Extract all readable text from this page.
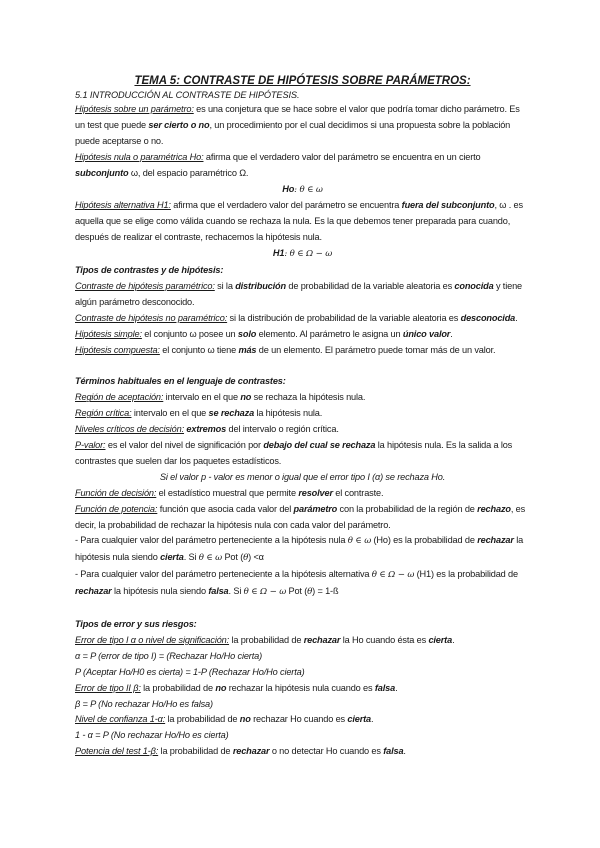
TEMA 5: CONTRASTE DE HIPÓTESIS SOBRE PARÁMETROS:
5.1 INTRODUCCIÓN AL CONTRASTE DE HIPÓTESIS.

Hipótesis sobre un parámetro: es una conjetura que se hace sobre el valor que podría tomar dicho parámetro. Es un test que puede ser cierto o no, un procedimiento por el cual decidimos si una propuesta sobre la población puede aceptarse o no.

Hipótesis nula o paramétrica Ho: afirma que el verdadero valor del parámetro se encuentra en un cierto subconjunto ω, del espacio paramétrico Ω.

Ho: θ ∈ ω

Hipótesis alternativa H1: afirma que el verdadero valor del parámetro se encuentra fuera del subconjunto, ω . es aquella que se elige como válida cuando se rechaza la nula. Es la que debemos tener preparada para cuando, después de realizar el contraste, rechacemos la hipótesis nula.

H1: θ ∈ Ω − ω

Tipos de contrastes y de hipótesis:

Contraste de hipótesis paramétrico: si la distribución de probabilidad de la variable aleatoria es conocida y tiene algún parámetro desconocido.

Contraste de hipótesis no paramétrico: si la distribución de probabilidad de la variable aleatoria es desconocida.

Hipótesis simple: el conjunto ω posee un solo elemento. Al parámetro le asigna un único valor.

Hipótesis compuesta: el conjunto ω tiene más de un elemento. El parámetro puede tomar más de un valor.

Términos habituales en el lenguaje de contrastes:

Región de aceptación: intervalo en el que no se rechaza la hipótesis nula.

Región crítica: intervalo en el que se rechaza la hipótesis nula.

Niveles críticos de decisión: extremos del intervalo o región crítica.

P-valor: es el valor del nivel de significación por debajo del cual se rechaza la hipótesis nula. Es la salida a los contrastes que suelen dar los paquetes estadísticos.

Si el valor p - valor es menor o igual que el error tipo I (α) se rechaza Ho.

Función de decisión: el estadístico muestral que permite resolver el contraste.

Función de potencia: función que asocia cada valor del parámetro con la probabilidad de la región de rechazo, es decir, la probabilidad de rechazar la hipótesis nula con cada valor del parámetro.

- Para cualquier valor del parámetro perteneciente a la hipótesis nula θ ∈ ω (Ho) es la probabilidad de rechazar la hipótesis nula siendo cierta. Si θ ∈ ω Pot (θ) <α

- Para cualquier valor del parámetro perteneciente a la hipótesis alternativa θ ∈ Ω − ω (H1) es la probabilidad de rechazar la hipótesis nula siendo falsa. Si θ ∈ Ω − ω Pot (θ) = 1-ß

Tipos de error y sus riesgos:

Error de tipo I α o nivel de significación: la probabilidad de rechazar la Ho cuando ésta es cierta.

α = P (error de tipo I) = (Rechazar Ho/Ho cierta)

P (Aceptar Ho/H0 es cierta) = 1-P (Rechazar Ho/Ho cierta)

Error de tipo II β: la probabilidad de no rechazar la hipótesis nula cuando es falsa.

β = P (No rechazar Ho/Ho es falsa)

Nivel de confianza 1-α: la probabilidad de no rechazar Ho cuando es cierta.

1 - α = P (No rechazar Ho/Ho es cierta)

Potencia del test 1-β: la probabilidad de rechazar o no detectar Ho cuando es falsa.
